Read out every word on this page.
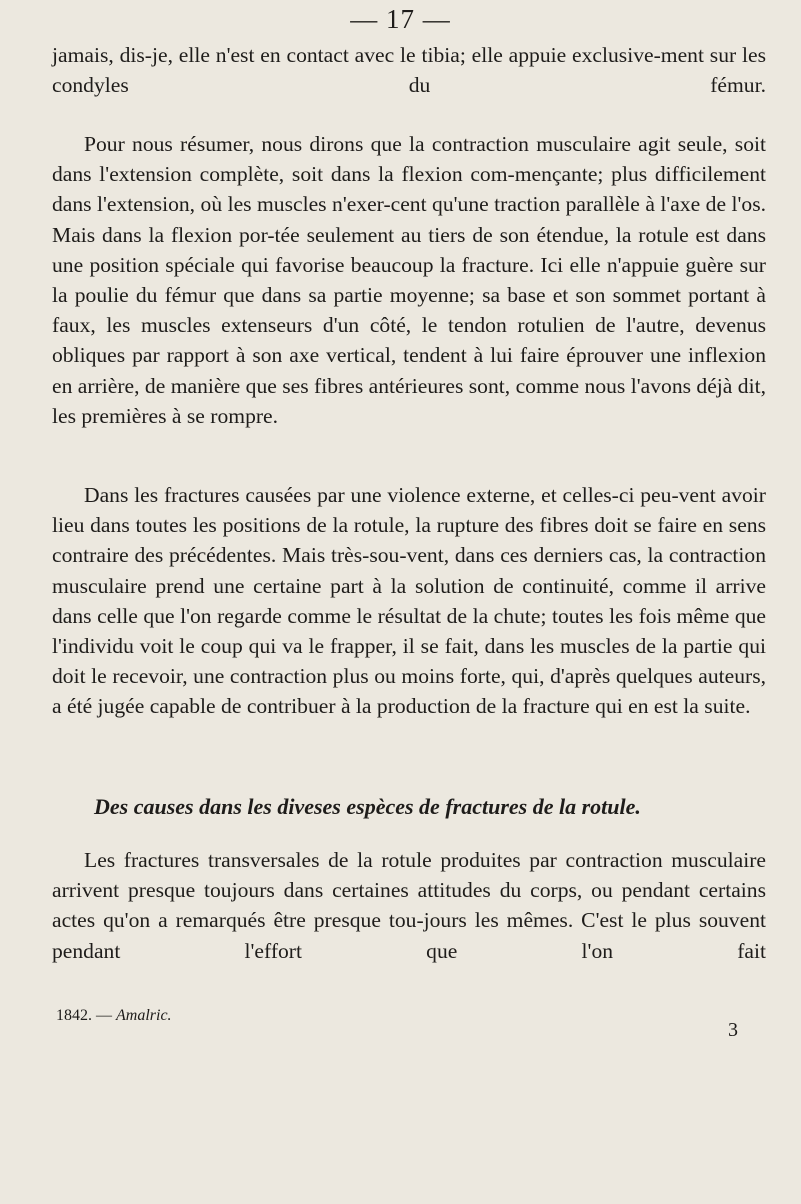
— 17 —
jamais, dis-je, elle n'est en contact avec le tibia; elle appuie exclusive-ment sur les condyles du fémur.
Pour nous résumer, nous dirons que la contraction musculaire agit seule, soit dans l'extension complète, soit dans la flexion com-mençante; plus difficilement dans l'extension, où les muscles n'exer-cent qu'une traction parallèle à l'axe de l'os. Mais dans la flexion por-tée seulement au tiers de son étendue, la rotule est dans une position spéciale qui favorise beaucoup la fracture. Ici elle n'appuie guère sur la poulie du fémur que dans sa partie moyenne; sa base et son sommet portant à faux, les muscles extenseurs d'un côté, le tendon rotulien de l'autre, devenus obliques par rapport à son axe vertical, tendent à lui faire éprouver une inflexion en arrière, de manière que ses fibres antérieures sont, comme nous l'avons déjà dit, les premières à se rompre.
Dans les fractures causées par une violence externe, et celles-ci peu-vent avoir lieu dans toutes les positions de la rotule, la rupture des fibres doit se faire en sens contraire des précédentes. Mais très-sou-vent, dans ces derniers cas, la contraction musculaire prend une certaine part à la solution de continuité, comme il arrive dans celle que l'on regarde comme le résultat de la chute; toutes les fois même que l'individu voit le coup qui va le frapper, il se fait, dans les muscles de la partie qui doit le recevoir, une contraction plus ou moins forte, qui, d'après quelques auteurs, a été jugée capable de contribuer à la production de la fracture qui en est la suite.
Des causes dans les diveses espèces de fractures de la rotule.
Les fractures transversales de la rotule produites par contraction musculaire arrivent presque toujours dans certaines attitudes du corps, ou pendant certains actes qu'on a remarqués être presque tou-jours les mêmes. C'est le plus souvent pendant l'effort que l'on fait
1842. — Amalric.
3
